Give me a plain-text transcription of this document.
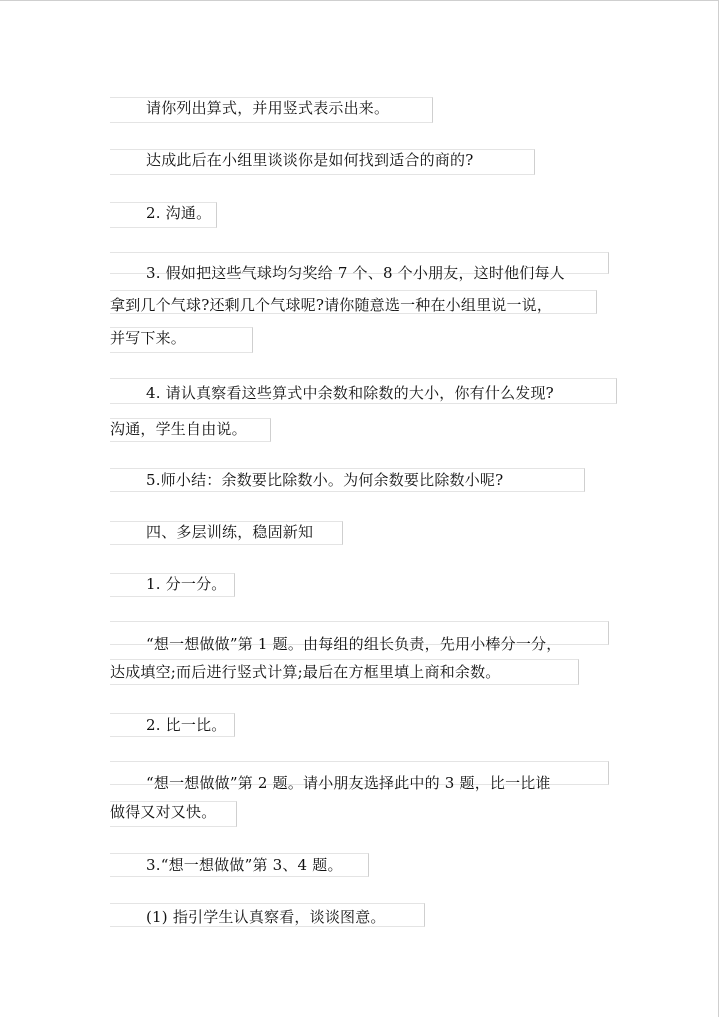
请你列出算式，并用竖式表示出来。
达成此后在小组里谈谈你是如何找到适合的商的?
2. 沟通。
3. 假如把这些气球均匀奖给 7 个、8 个小朋友，这时他们每人
拿到几个气球?还剩几个气球呢?请你随意选一种在小组里说一说，
并写下来。
4. 请认真察看这些算式中余数和除数的大小，你有什么发现?
沟通，学生自由说。
5.师小结：余数要比除数小。为何余数要比除数小呢?
四、多层训练，稳固新知
1. 分一分。
“想一想做做”第 1 题。由每组的组长负责，先用小棒分一分，
达成填空;而后进行竖式计算;最后在方框里填上商和余数。
2. 比一比。
“想一想做做”第 2 题。请小朋友选择此中的 3 题，比一比谁
做得又对又快。
3.“想一想做做”第 3、4 题。
(1) 指引学生认真察看，谈谈图意。
